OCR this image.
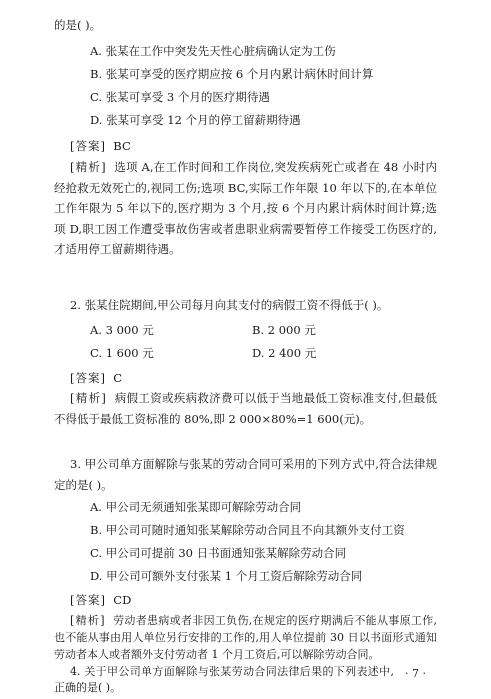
的是( )。
A. 张某在工作中突发先天性心脏病确认定为工伤
B. 张某可享受的医疗期应按 6 个月内累计病休时间计算
C. 张某可享受 3 个月的医疗期待遇
D. 张某可享受 12 个月的停工留薪期待遇
[答案] BC
[精析] 选项 A,在工作时间和工作岗位,突发疾病死亡或者在 48 小时内经抢救无效死亡的,视同工伤;选项 BC,实际工作年限 10 年以下的,在本单位工作年限为 5 年以下的,医疗期为 3 个月,按 6 个月内累计病休时间计算;选项 D,职工因工作遭受事故伤害或者患职业病需要暂停工作接受工伤医疗的,才适用停工留薪期待遇。
2. 张某住院期间,甲公司每月向其支付的病假工资不得低于( )。
A. 3 000 元	B. 2 000 元
C. 1 600 元	D. 2 400 元
[答案] C
[精析] 病假工资或疾病救济费可以低于当地最低工资标准支付,但最低不得低于最低工资标准的 80%,即 2 000×80%=1 600(元)。
3. 甲公司单方面解除与张某的劳动合同可采用的下列方式中,符合法律规定的是( )。
A. 甲公司无须通知张某即可解除劳动合同
B. 甲公司可随时通知张某解除劳动合同且不向其额外支付工资
C. 甲公司可提前 30 日书面通知张某解除劳动合同
D. 甲公司可额外支付张某 1 个月工资后解除劳动合同
[答案] CD
[精析] 劳动者患病或者非因工负伤,在规定的医疗期满后不能从事原工作,也不能从事由用人单位另行安排的工作的,用人单位提前 30 日以书面形式通知劳动者本人或者额外支付劳动者 1 个月工资后,可以解除劳动合同。
4. 关于甲公司单方面解除与张某劳动合同法律后果的下列表述中,正确的是( )。
· 7 ·
